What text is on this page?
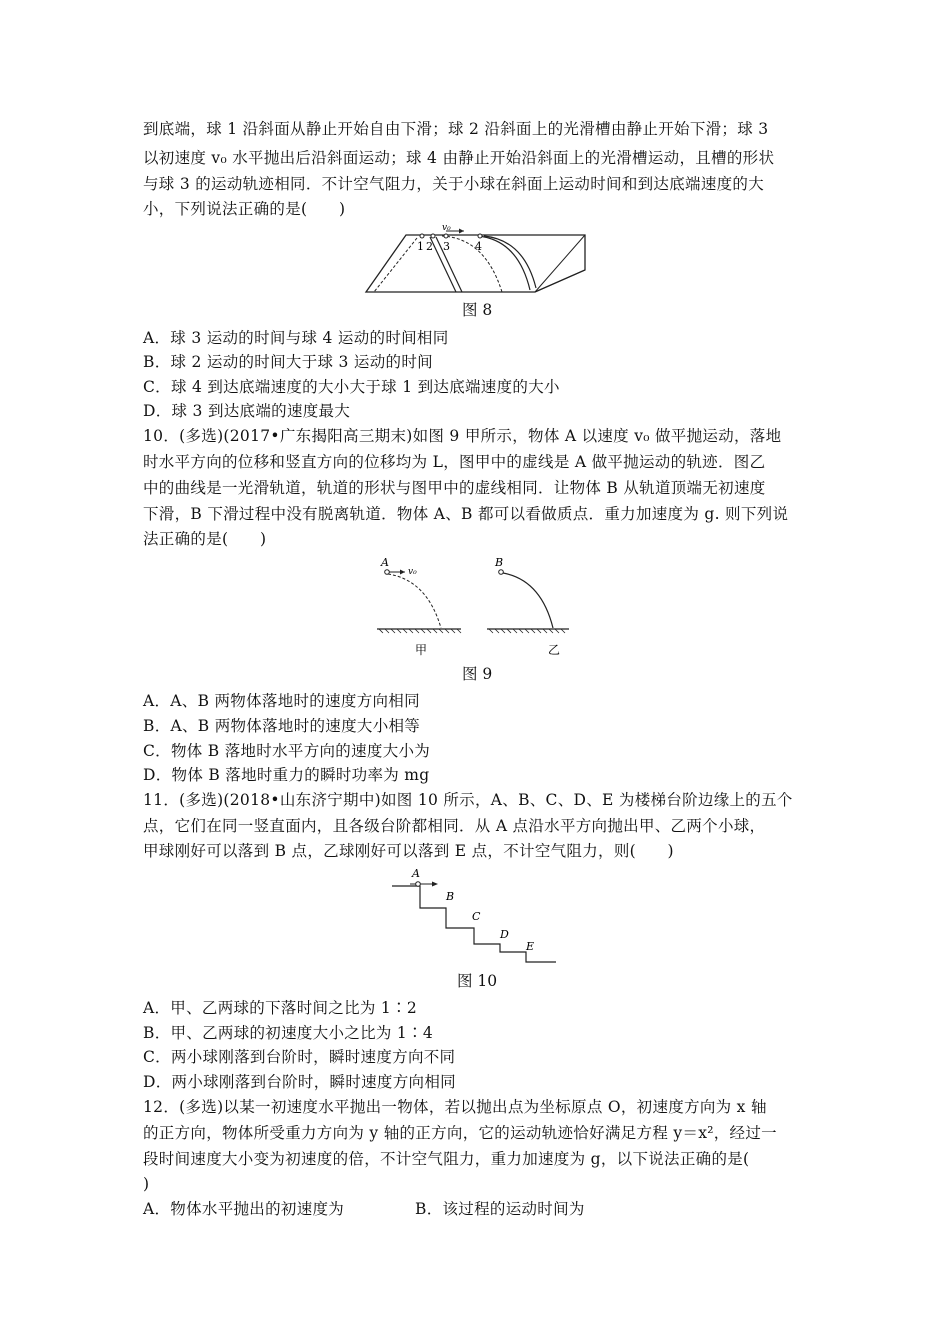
到底端，球 1 沿斜面从静止开始自由下滑；球 2 沿斜面上的光滑槽由静止开始下滑；球 3
以初速度 v₀ 水平抛出后沿斜面运动；球 4 由静止开始沿斜面上的光滑槽运动，且槽的形状
与球 3 的运动轨迹相同．不计空气阻力，关于小球在斜面上运动时间和到达底端速度的大
小，下列说法正确的是(　　)
v₀
1 2 3 4
图 8
A．球 3 运动的时间与球 4 运动的时间相同
B．球 2 运动的时间大于球 3 运动的时间
C．球 4 到达底端速度的大小大于球 1 到达底端速度的大小
D．球 3 到达底端的速度最大
10．(多选)(2017•广东揭阳高三期末)如图 9 甲所示，物体 A 以速度 v₀ 做平抛运动，落地
时水平方向的位移和竖直方向的位移均为 L，图甲中的虚线是 A 做平抛运动的轨迹．图乙
中的曲线是一光滑轨道，轨道的形状与图甲中的虚线相同．让物体 B 从轨道顶端无初速度
下滑，B 下滑过程中没有脱离轨道．物体 A、B 都可以看做质点．重力加速度为 g. 则下列说
法正确的是(　　)
A
v₀
甲
B
乙
图 9
A．A、B 两物体落地时的速度方向相同
B．A、B 两物体落地时的速度大小相等
C．物体 B 落地时水平方向的速度大小为
D．物体 B 落地时重力的瞬时功率为 mg
11．(多选)(2018•山东济宁期中)如图 10 所示，A、B、C、D、E 为楼梯台阶边缘上的五个
点，它们在同一竖直面内，且各级台阶都相同．从 A 点沿水平方向抛出甲、乙两个小球，
甲球刚好可以落到 B 点，乙球刚好可以落到 E 点，不计空气阻力，则(　　)
A
B
C
D
E
图 10
A．甲、乙两球的下落时间之比为 1∶2
B．甲、乙两球的初速度大小之比为 1∶4
C．两小球刚落到台阶时，瞬时速度方向不同
D．两小球刚落到台阶时，瞬时速度方向相同
12．(多选)以某一初速度水平抛出一物体，若以抛出点为坐标原点 O，初速度方向为 x 轴
的正方向，物体所受重力方向为 y 轴的正方向，它的运动轨迹恰好满足方程 y＝x²，经过一
段时间速度大小变为初速度的倍，不计空气阻力，重力加速度为 g，以下说法正确的是(
)
A．物体水平抛出的初速度为	B．该过程的运动时间为
